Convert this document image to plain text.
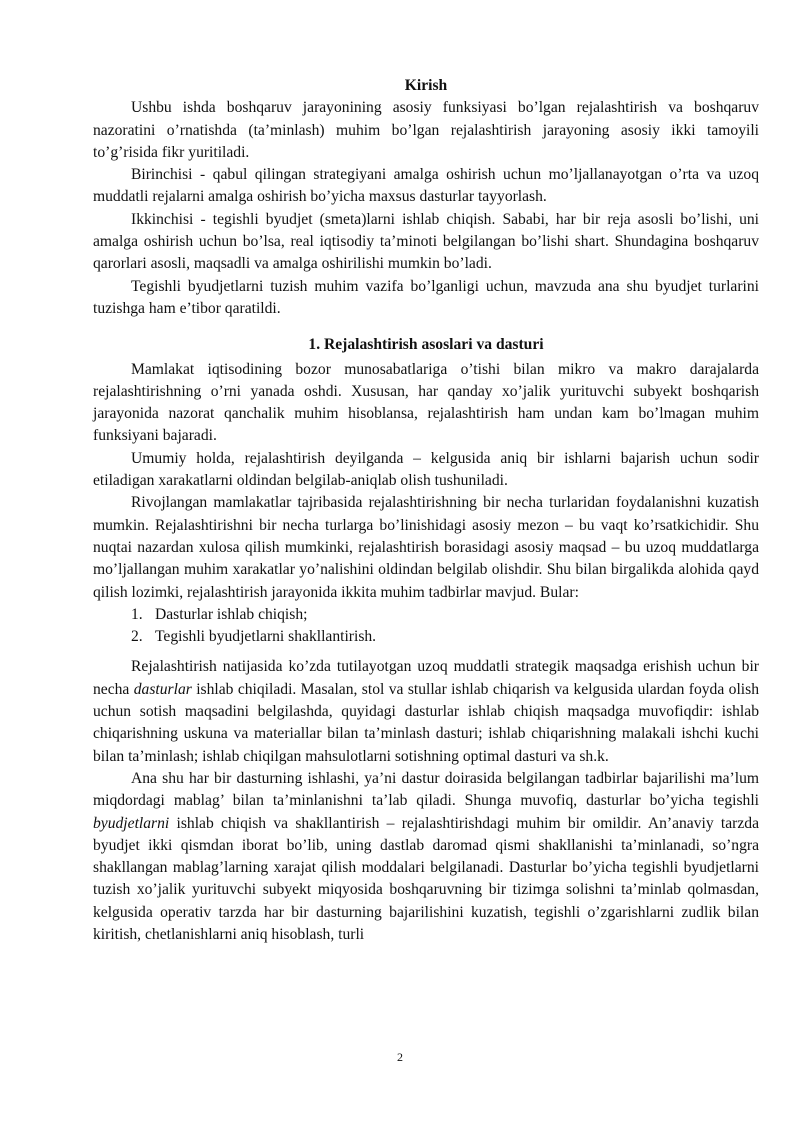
Kirish

Ushbu ishda boshqaruv jarayonining asosiy funksiyasi bo’lgan rejalashtirish va boshqaruv nazoratini o’rnatishda (ta’minlash) muhim bo’lgan rejalashtirish jarayoning asosiy ikki tamoyili to’g’risida fikr yuritiladi.

Birinchisi - qabul qilingan strategiyani amalga oshirish uchun mo’ljallanayotgan o’rta va uzoq muddatli rejalarni amalga oshirish bo’yicha maxsus dasturlar tayyorlash.

Ikkinchisi - tegishli byudjet (smeta)larni ishlab chiqish. Sababi, har bir reja asosli bo’lishi, uni amalga oshirish uchun bo’lsa, real iqtisodiy ta’minoti belgilangan bo’lishi shart. Shundagina boshqaruv qarorlari asosli, maqsadli va amalga oshirilishi mumkin bo’ladi.

Tegishli byudjetlarni tuzish muhim vazifa bo’lganligi uchun, mavzuda ana shu byudjet turlarini tuzishga ham e’tibor qaratildi.

1. Rejalashtirish asoslari va dasturi

Mamlakat iqtisodining bozor munosabatlariga o’tishi bilan mikro va makro darajalarda rejalashtirishning o’rni yanada oshdi. Xususan, har qanday xo’jalik yurituvchi subyekt boshqarish jarayonida nazorat qanchalik muhim hisoblansa, rejalashtirish ham undan kam bo’lmagan muhim funksiyani bajaradi.

Umumiy holda, rejalashtirish deyilganda – kelgusida aniq bir ishlarni bajarish uchun sodir etiladigan xarakatlarni oldindan belgilab-aniqlab olish tushuniladi.

Rivojlangan mamlakatlar tajribasida rejalashtirishning bir necha turlaridan foydalanishni kuzatish mumkin. Rejalashtirishni bir necha turlarga bo’linishidagi asosiy mezon – bu vaqt ko’rsatkichidir. Shu nuqtai nazardan xulosa qilish mumkinki, rejalashtirish borasidagi asosiy maqsad – bu uzoq muddatlarga mo’ljallangan muhim xarakatlar yo’nalishini oldindan belgilab olishdir. Shu bilan birgalikda alohida qayd qilish lozimki, rejalashtirish jarayonida ikkita muhim tadbirlar mavjud. Bular:

1. Dasturlar ishlab chiqish;
2. Tegishli byudjetlarni shakllantirish.

Rejalashtirish natijasida ko’zda tutilayotgan uzoq muddatli strategik maqsadga erishish uchun bir necha dasturlar ishlab chiqiladi. Masalan, stol va stullar ishlab chiqarish va kelgusida ulardan foyda olish uchun sotish maqsadini belgilashda, quyidagi dasturlar ishlab chiqish maqsadga muvofiqdir: ishlab chiqarishning uskuna va materiallar bilan ta’minlash dasturi; ishlab chiqarishning malakali ishchi kuchi bilan ta’minlash; ishlab chiqilgan mahsulotlarni sotishning optimal dasturi va sh.k.

Ana shu har bir dasturning ishlashi, ya’ni dastur doirasida belgilangan tadbirlar bajarilishi ma’lum miqdordagi mablag’ bilan ta’minlanishni ta’lab qiladi. Shunga muvofiq, dasturlar bo’yicha tegishli byudjetlarni ishlab chiqish va shakllantirish – rejalashtirishdagi muhim bir omildir. An’anaviy tarzda byudjet ikki qismdan iborat bo’lib, uning dastlab daromad qismi shakllanishi ta’minlanadi, so’ngra shakllangan mablag’larning xarajat qilish moddalari belgilanadi. Dasturlar bo’yicha tegishli byudjetlarni tuzish xo’jalik yurituvchi subyekt miqyosida boshqaruvning bir tizimga solishni ta’minlab qolmasdan, kelgusida operativ tarzda har bir dasturning bajarilishini kuzatish, tegishli o’zgarishlarni zudlik bilan kiritish, chetlanishlarni aniq hisoblash, turli

2
